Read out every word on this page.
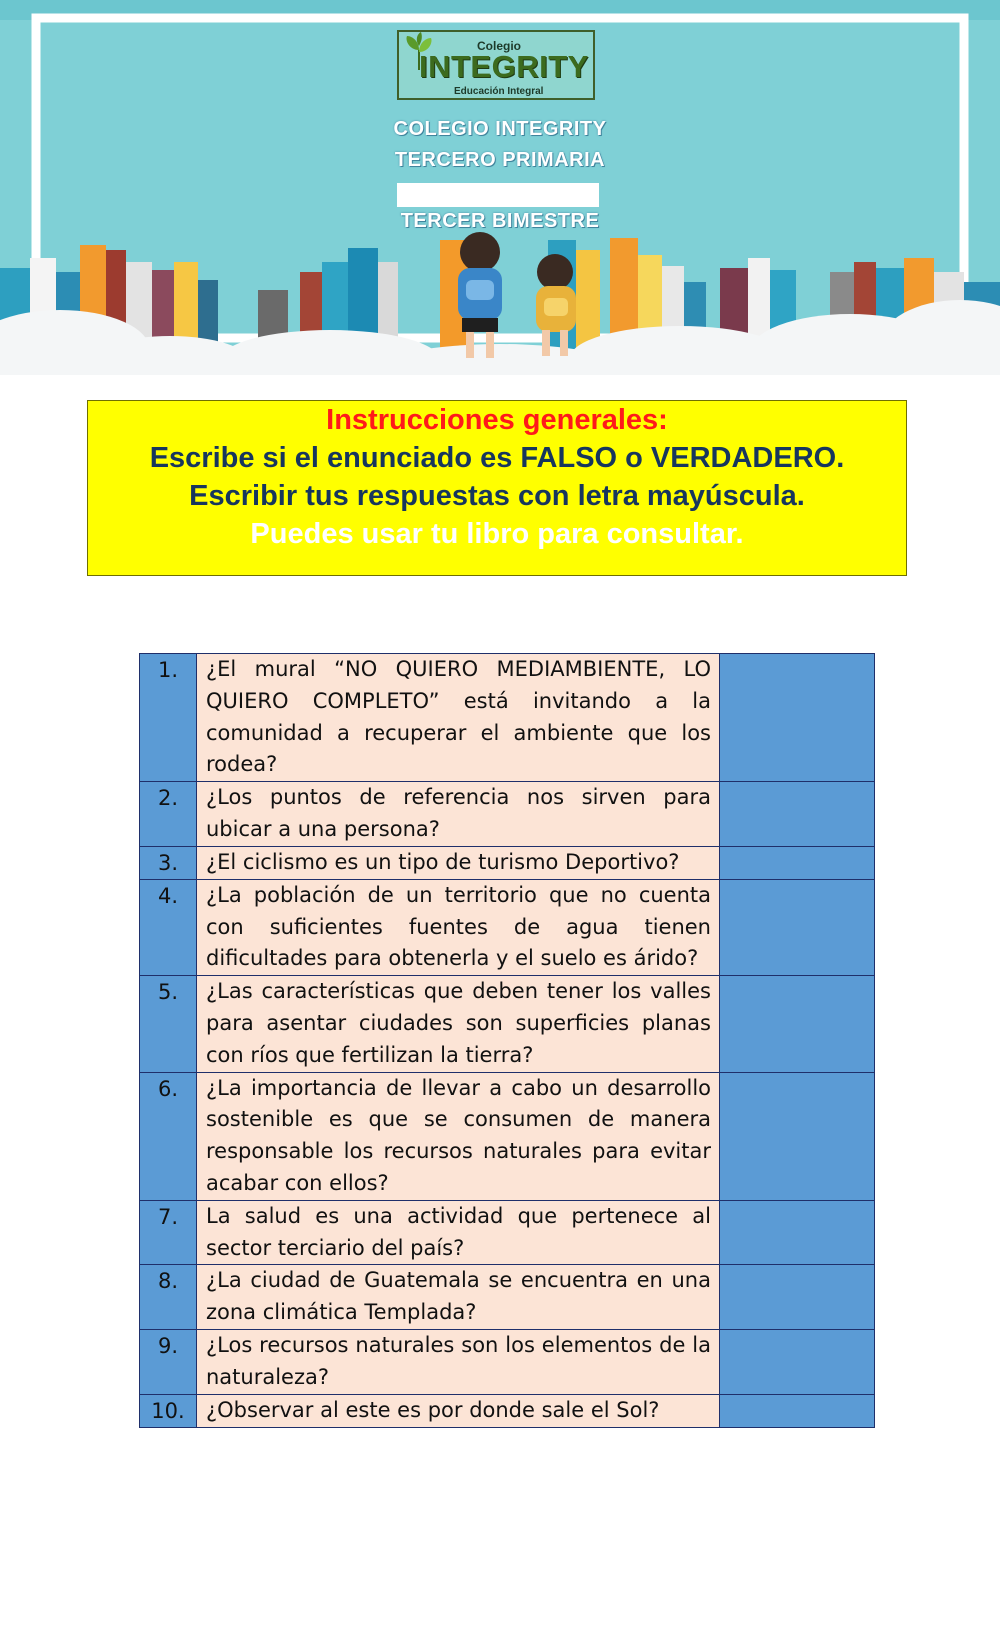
Colegio
INTEGRITY
Educación Integral
COLEGIO INTEGRITY
TERCERO PRIMARIA
TERCER BIMESTRE
Instrucciones generales:
Escribe si el enunciado es FALSO o VERDADERO.
Escribir tus respuestas con letra mayúscula.
Puedes usar tu libro para consultar.
1.	¿El mural “NO QUIERO MEDIAMBIENTE, LO QUIERO COMPLETO” está invitando a la comunidad a recuperar el ambiente que los rodea?	
2.	¿Los puntos de referencia nos sirven para ubicar a una persona?	
3.	¿El ciclismo es un tipo de turismo Deportivo?	
4.	¿La población de un territorio que no cuenta con suficientes fuentes de agua tienen dificultades para obtenerla y el suelo es árido?	
5.	¿Las características que deben tener los valles para asentar ciudades son superficies planas con ríos que fertilizan la tierra?	
6.	¿La importancia de llevar a cabo un desarrollo sostenible es que se consumen de manera responsable los recursos naturales para evitar acabar con ellos?	
7.	La salud es una actividad que pertenece al sector terciario del país?	
8.	¿La ciudad de Guatemala se encuentra en una zona climática Templada?	
9.	¿Los recursos naturales son los elementos de la naturaleza?	
10.	¿Observar al este es por donde sale el Sol?	
